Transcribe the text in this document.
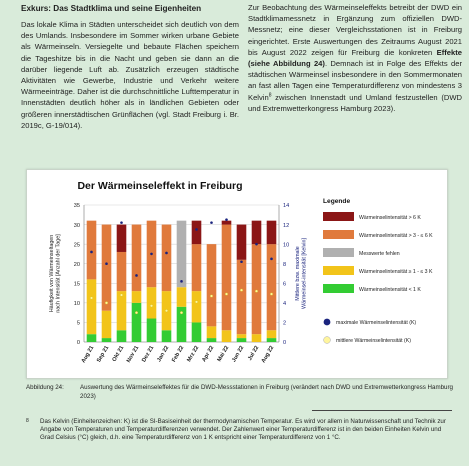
Exkurs: Das Stadtklima und seine Eigenheiten

Das lokale Klima in Städten unterscheidet sich deutlich von dem des Umlands. Insbesondere im Sommer wirken urbane Gebiete als Wärmeinseln. Versiegelte und bebaute Flächen speichern die Tageshitze bis in die Nacht und geben sie dann an die darüber liegende Luft ab. Zusätzlich erzeugen städtische Aktivitäten wie Gewerbe, Industrie und Verkehr weitere Wärmeeinträge. Daher ist die durchschnittliche Lufttemperatur in Innenstädten deutlich höher als in ländlichen Gebieten oder größeren innerstädtischen Grünflächen (vgl. Stadt Freiburg i. Br. 2019c, G-19/014).

Zur Beobachtung des Wärmeinseleffekts betreibt der DWD ein Stadtklimamessnetz in Ergänzung zum offiziellen DWD-Messnetz; eine dieser Vergleichsstationen ist in Freiburg eingerichtet. Erste Auswertungen des Zeitraums August 2021 bis August 2022 zeigen für Freiburg die konkreten Effekte (siehe Abbildung 24). Demnach ist in Folge des Effekts der städtischen Wärmeinsel insbesondere in den Sommermonaten an fast allen Tagen eine Temperaturdifferenz von mindestens 3 Kelvin$^8$ zwischen Innenstadt und Umland festzustellen (DWD und Extremwetterkongress Hamburg 2023).

Der Wärmeinseleffekt in Freiburg
0
5
10
15
20
25
30
35
0
2
4
6
8
10
12
14
Häufigkeit von Wärmeinseltagennach Intensität [Anzahl der Tage]	Mittlere bzw. maximaleWärmeinsel-intensität [Kelvin]
Aug 21 Sep 21 Okt 21 Nov 21 Dez 21 Jan 22 Feb 22 Mrz 22 Apr 22 Mai 22 Jun 22 Jul 22 Aug 22
Legende
Wärmeinselintensität > 6 K
Wärmeinselintensität > 3 - ≤ 6 K
Messwerte fehlen
Wärmeinselintensität ≥ 1 - ≤ 3 K
Wärmeinselintensität < 1 K
maximale Wärmeinselintensität (K)
mittlere Wärmeinselintensität (K)
Abbildung 24:	Auswertung des Wärmeinseleffektes für die DWD-Messstationen in Freiburg (verändert nach DWD und Extremwetterkongress Hamburg 2023)
8	Das Kelvin (Einheitenzeichen: K) ist die SI-Basiseinheit der thermodynamischen Temperatur. Es wird vor allem in Naturwissenschaft und Technik zur Angabe von Temperaturen und Temperaturdifferenzen verwendet. Der Zahlenwert einer Temperaturdifferenz ist in den beiden Einheiten Kelvin und Grad Celsius (°C) gleich, d.h. eine Temperaturdifferenz von 1 K entspricht einer Temperaturdifferenz von 1 °C.
